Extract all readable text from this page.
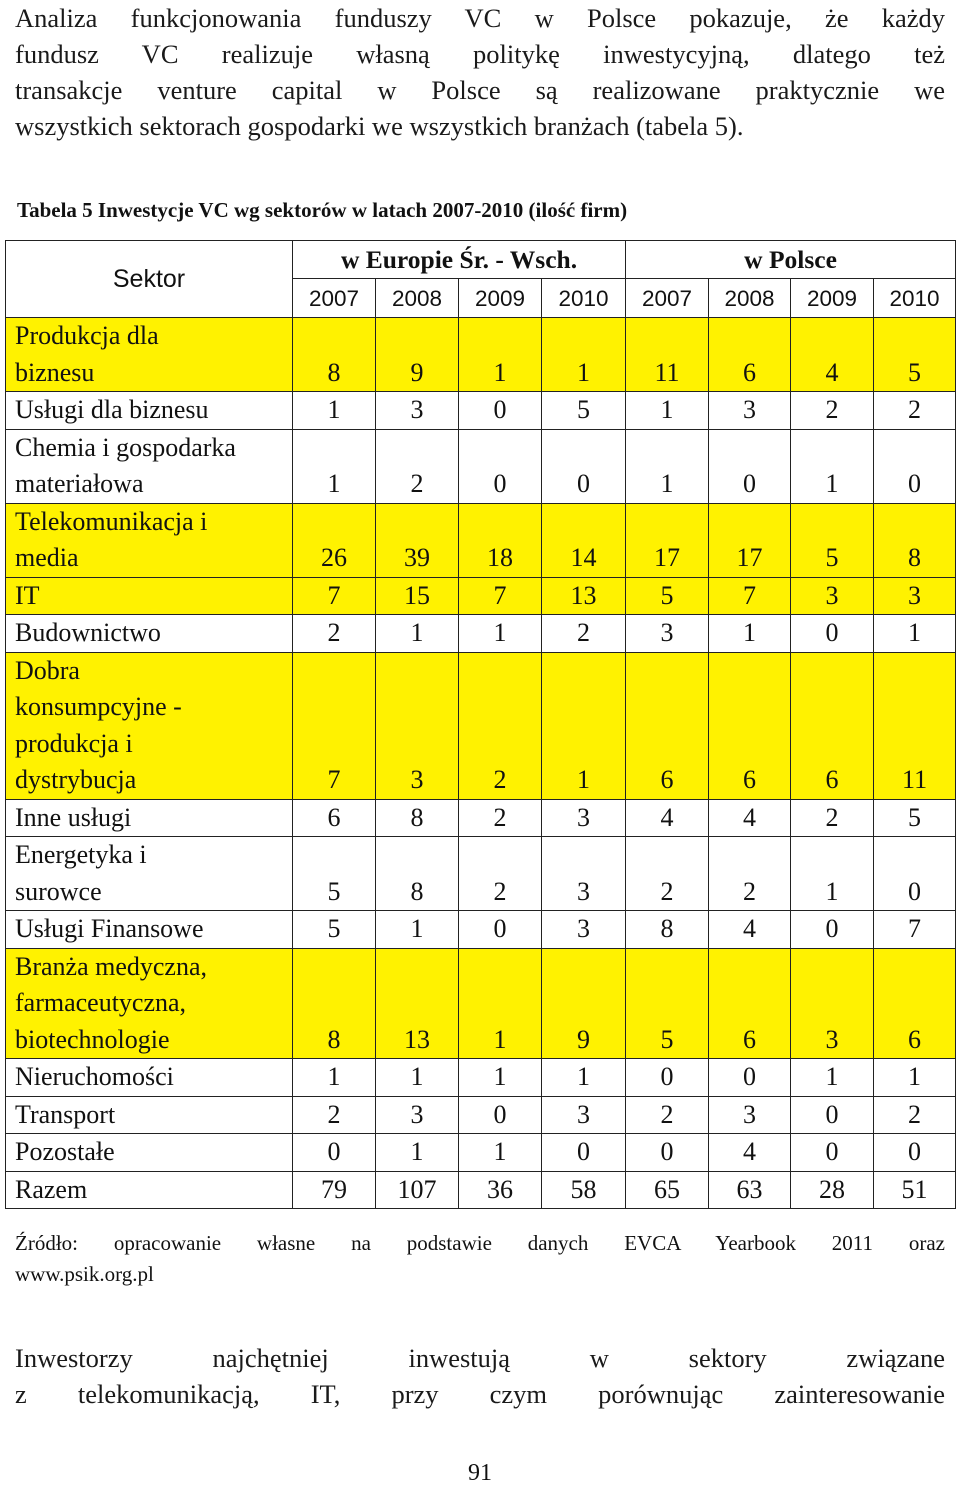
Analiza funkcjonowania funduszy VC w Polsce pokazuje, że każdy
fundusz VC realizuje własną politykę inwestycyjną, dlatego też
transakcje venture capital w Polsce są realizowane praktycznie we
wszystkich sektorach gospodarki we wszystkich branżach (tabela 5).
Tabela 5 Inwestycje VC wg sektorów w latach 2007-2010 (ilość firm)
Sektor	w Europie Śr. - Wsch.				w Polsce			
	2007	2008	2009	2010	2007	2008	2009	2010

Produkcja dla
biznesu	8	9	1	1	11	6	4	5

Usługi dla biznesu	1	3	0	5	1	3	2	2

Chemia i gospodarka
materiałowa	1	2	0	0	1	0	1	0

Telekomunikacja i
media	26	39	18	14	17	17	5	8

IT	7	15	7	13	5	7	3	3

Budownictwo	2	1	1	2	3	1	0	1

Dobra
konsumpcyjne -
produkcja i
dystrybucja	7	3	2	1	6	6	6	11

Inne usługi	6	8	2	3	4	4	2	5

Energetyka i
surowce	5	8	2	3	2	2	1	0

Usługi Finansowe	5	1	0	3	8	4	0	7

Branża medyczna,
farmaceutyczna,
biotechnologie	8	13	1	9	5	6	3	6

Nieruchomości	1	1	1	1	0	0	1	1

Transport	2	3	0	3	2	3	0	2

Pozostałe	0	1	1	0	0	4	0	0

Razem	79	107	36	58	65	63	28	51
Źródło: opracowanie własne na podstawie danych EVCA Yearbook 2011 oraz
www.psik.org.pl
Inwestorzy najchętniej inwestują w sektory związane
z telekomunikacją, IT, przy czym porównując zainteresowanie
91
